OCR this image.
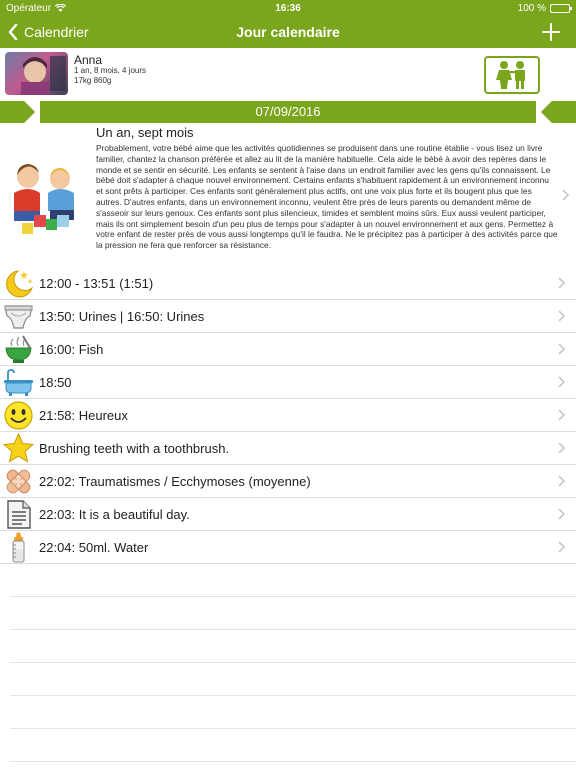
Opérateur	16:36	100 %
Calendrier	Jour calendaire
Anna
1 an, 8 mois, 4 jours
17kg 860g
07/09/2016
Un an, sept mois
Probablement, votre bébé aime que les activités quotidiennes se produisent dans une routine établie - vous lisez un livre familier, chantez la chanson préférée et allez au lit de la manière habituelle. Cela aide le bébé à avoir des repères dans le monde et se sentir en sécurité. Les enfants se sentent à l'aise dans un endroit familier avec les gens qu'ils connaissent. Le bébé doit s'adapter à chaque nouvel environnement. Certains enfants s'habituent rapidement à un environnement inconnu et sont prêts à participer. Ces enfants sont généralement plus actifs, ont une voix plus forte et ils bougent plus que les autres. D'autres enfants, dans un environnement inconnu, veulent être près de leurs parents ou demandent même de s'asseoir sur leurs genoux. Ces enfants sont plus silencieux, timides et semblent moins sûrs. Eux aussi veulent participer, mais ils ont simplement besoin d'un peu plus de temps pour s'adapter à un nouvel environnement et aux gens. Permettez à votre enfant de rester près de vous aussi longtemps qu'il le faudra. Ne le précipitez pas à participer à des activités parce que la pression ne fera que renforcer sa résistance.
12:00 - 13:51 (1:51)
13:50: Urines | 16:50: Urines
16:00: Fish
18:50
21:58: Heureux
Brushing teeth with a toothbrush.
22:02: Traumatismes / Ecchymoses (moyenne)
22:03: It is a beautiful day.
22:04: 50ml. Water
